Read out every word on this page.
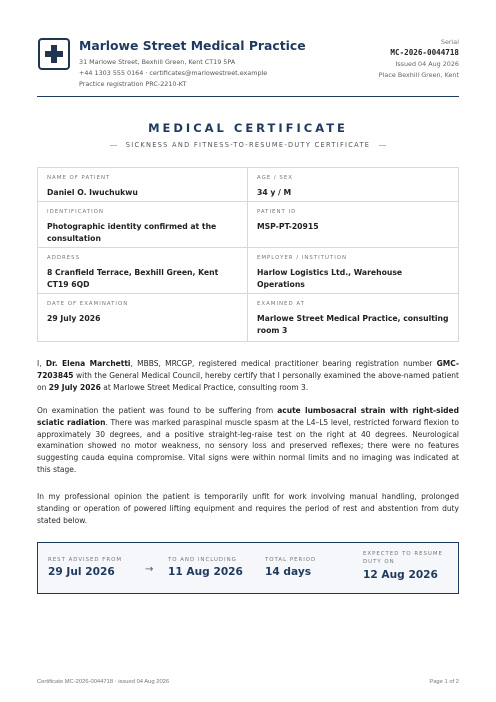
Marlowe Street Medical Practice
31 Marlowe Street, Bexhill Green, Kent CT19 5PA
+44 1303 555 0164 · certificates@marlowestreet.example
Practice registration PRC-2210-KT
Serial
MC-2026-0044718
Issued 04 Aug 2026
Place Bexhill Green, Kent
MEDICAL CERTIFICATE
SICKNESS AND FITNESS-TO-RESUME-DUTY CERTIFICATE
NAME OF PATIENT
Daniel O. Iwuchukwu
AGE / SEX
34 y / M
IDENTIFICATION
Photographic identity confirmed at the consultation
PATIENT ID
MSP-PT-20915
ADDRESS
8 Cranfield Terrace, Bexhill Green, Kent CT19 6QD
EMPLOYER / INSTITUTION
Harlow Logistics Ltd., Warehouse Operations
DATE OF EXAMINATION
29 July 2026
EXAMINED AT
Marlowe Street Medical Practice, consulting room 3

I, Dr. Elena Marchetti, MBBS, MRCGP, registered medical practitioner bearing registration number GMC-7203845 with the General Medical Council, hereby certify that I personally examined the above-named patient on 29 July 2026 at Marlowe Street Medical Practice, consulting room 3.

On examination the patient was found to be suffering from acute lumbosacral strain with right-sided sciatic radiation. There was marked paraspinal muscle spasm at the L4–L5 level, restricted forward flexion to approximately 30 degrees, and a positive straight-leg-raise test on the right at 40 degrees. Neurological examination showed no motor weakness, no sensory loss and preserved reflexes; there were no features suggesting cauda equina compromise. Vital signs were within normal limits and no imaging was indicated at this stage.

In my professional opinion the patient is temporarily unfit for work involving manual handling, prolonged standing or operation of powered lifting equipment and requires the period of rest and abstention from duty stated below.

REST ADVISED FROM
29 Jul 2026	→
TO AND INCLUDING
11 Aug 2026
TOTAL PERIOD
14 days
EXPECTED TO RESUME
DUTY ON
12 Aug 2026
Certificate MC-2026-0044718 · issued 04 Aug 2026	Page 1 of 2
